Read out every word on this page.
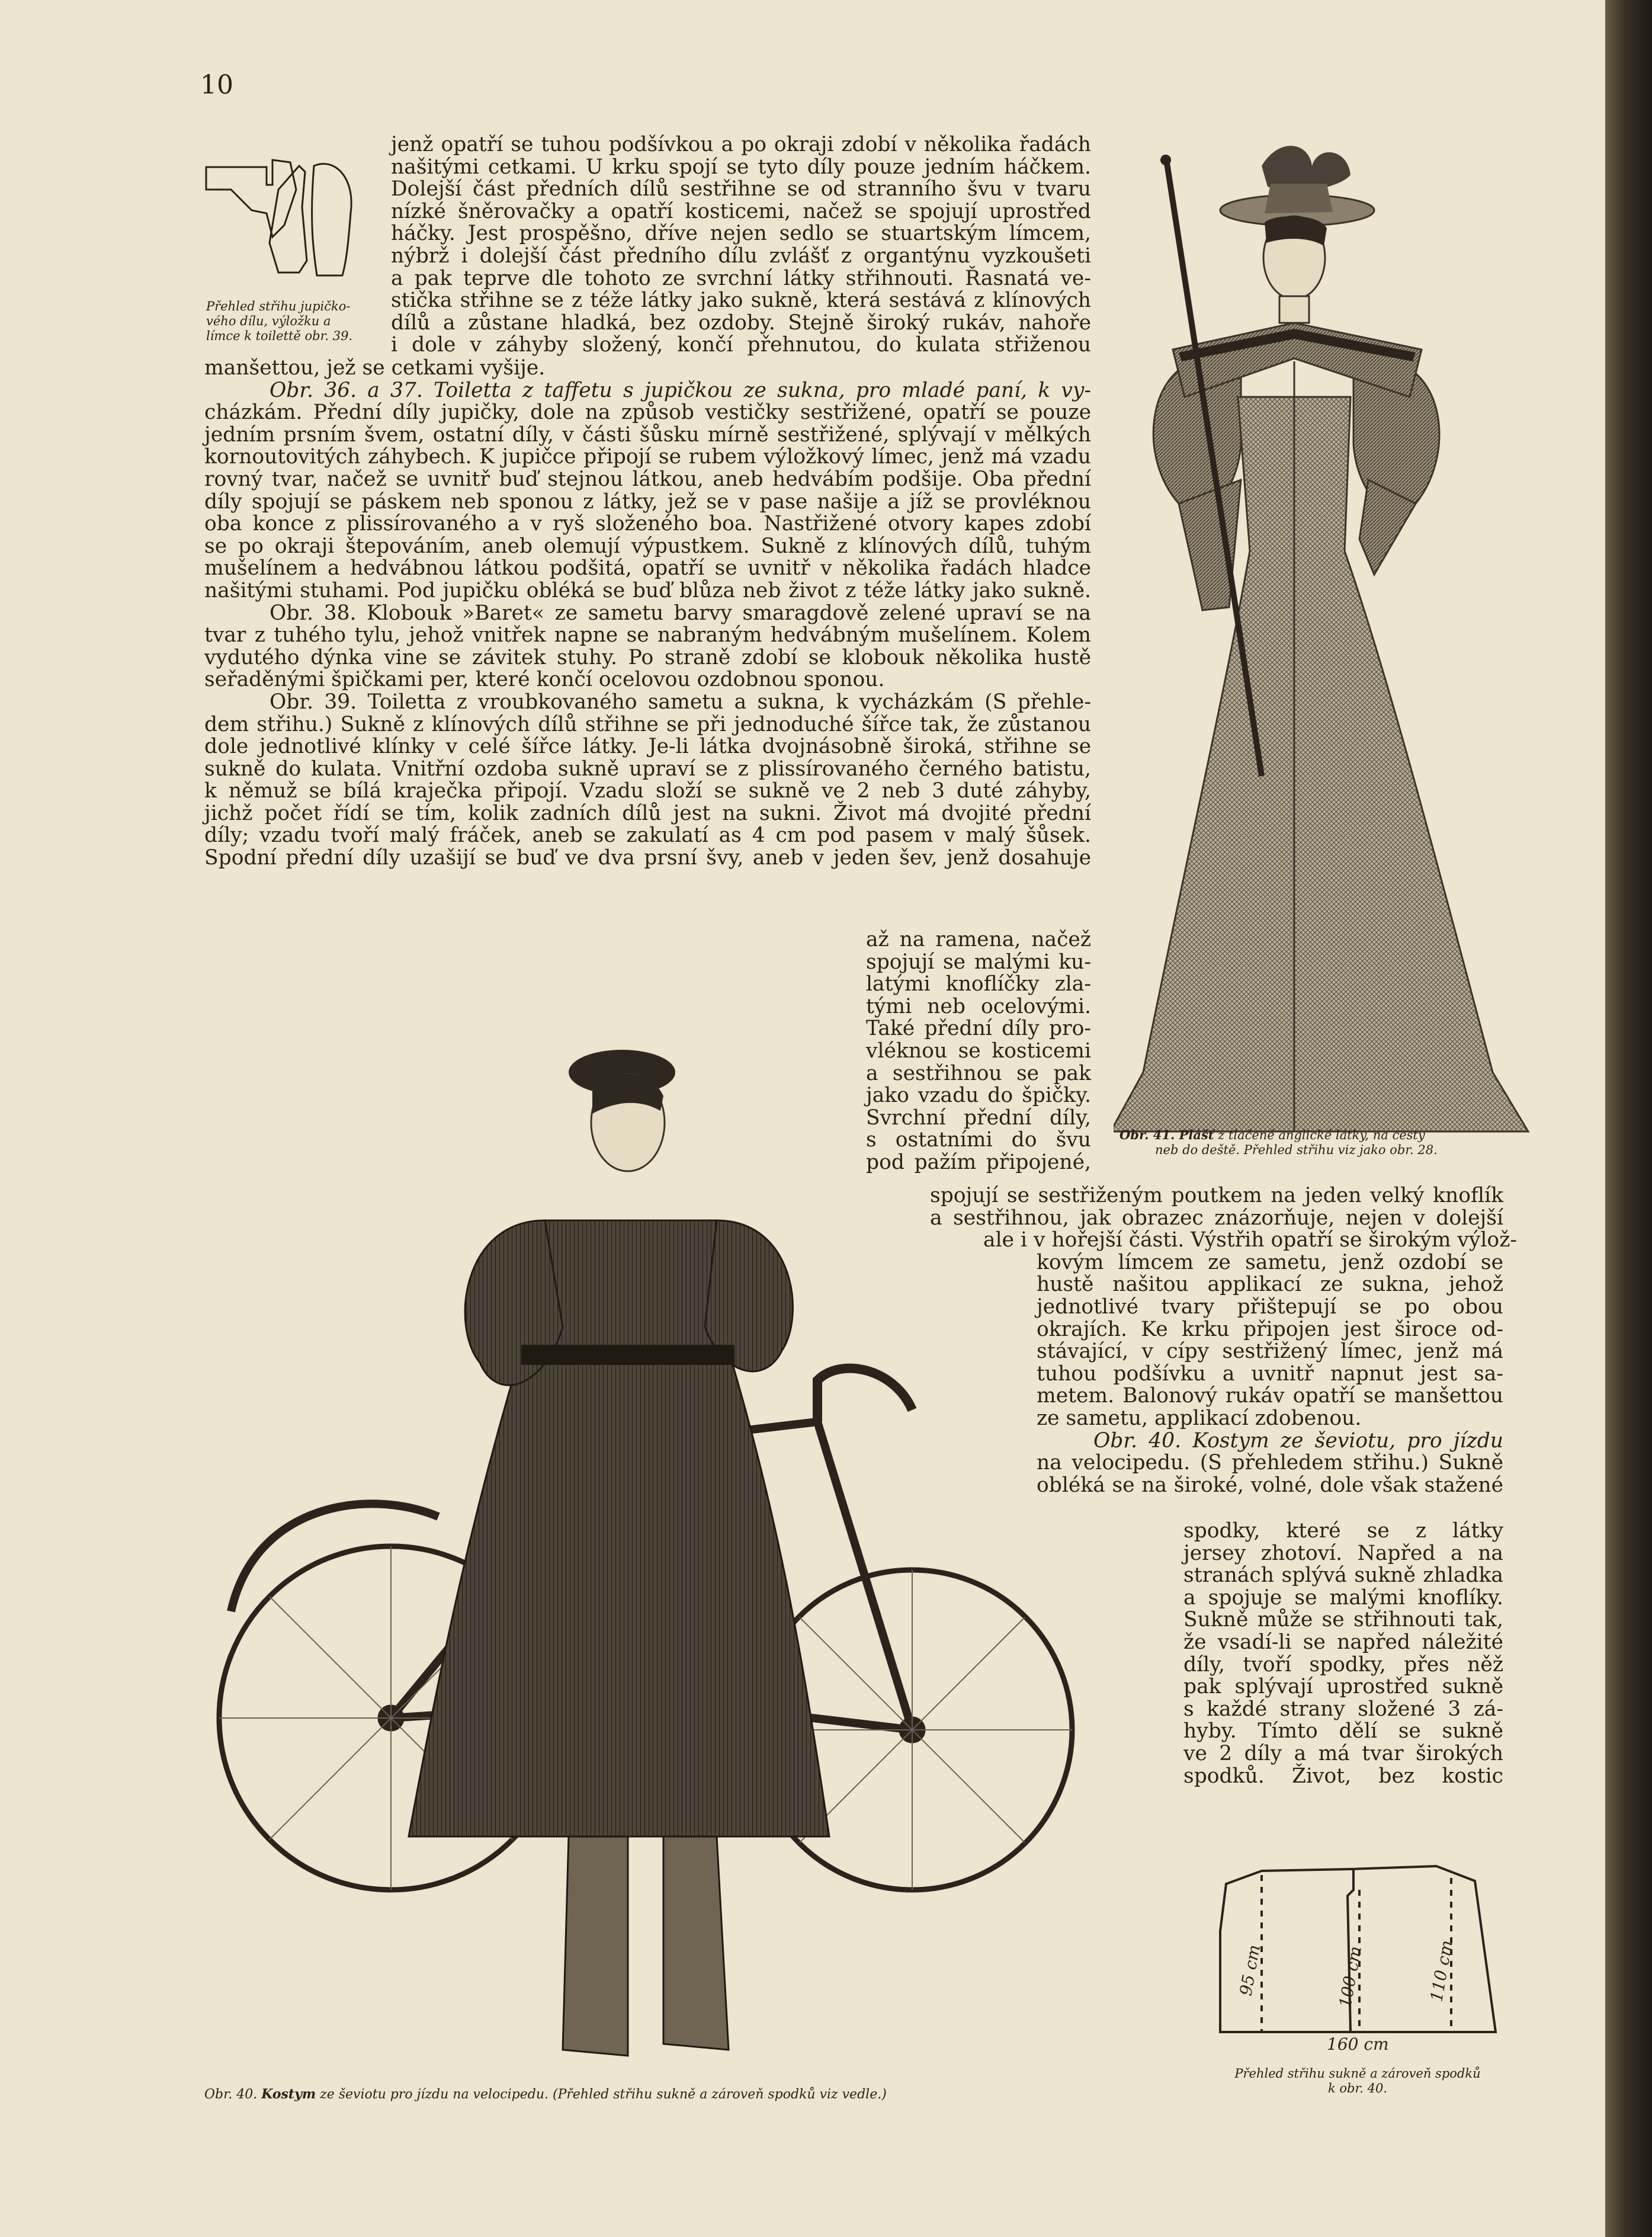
10

Přehled střihu jupičko-
vého dílu, výložku a
límce k toilettě obr. 39.

jenž opatří se tuhou podšívkou a po okraji zdobí v několika řadách
našitými cetkami. U krku spojí se tyto díly pouze jedním háčkem.
Dolejší část předních dílů sestřihne se od stranního švu v tvaru
nízké šněrovačky a opatří kosticemi, načež se spojují uprostřed
háčky. Jest prospěšno, dříve nejen sedlo se stuartským límcem,
nýbrž i dolejší část předního dílu zvlášť z organtýnu vyzkoušeti
a pak teprve dle tohoto ze svrchní látky střihnouti. Řasnatá ve-
stička střihne se z téže látky jako sukně, která sestává z klínových
dílů a zůstane hladká, bez ozdoby. Stejně široký rukáv, nahoře
i dole v záhyby složený, končí přehnutou, do kulata střiženou

manšettou, jež se cetkami vyšije.
Obr. 36. a 37. Toiletta z taffetu s jupičkou ze sukna, pro mladé paní, k vy-
cházkám. Přední díly jupičky, dole na způsob vestičky sestřižené, opatří se pouze
jedním prsním švem, ostatní díly, v části šůsku mírně sestřižené, splývají v mělkých
kornoutovitých záhybech. K jupičce připojí se rubem výložkový límec, jenž má vzadu
rovný tvar, načež se uvnitř buď stejnou látkou, aneb hedvábím podšije. Oba přední
díly spojují se páskem neb sponou z látky, jež se v pase našije a jíž se provléknou
oba konce z plissírovaného a v ryš složeného boa. Nastřižené otvory kapes zdobí
se po okraji štepováním, aneb olemují výpustkem. Sukně z klínových dílů, tuhým
mušelínem a hedvábnou látkou podšitá, opatří se uvnitř v několika řadách hladce
našitými stuhami. Pod jupičku obléká se buď blůza neb život z téže látky jako sukně.
Obr. 38. Klobouk »Baret« ze sametu barvy smaragdově zelené upraví se na
tvar z tuhého tylu, jehož vnitřek napne se nabraným hedvábným mušelínem. Kolem
vydutého dýnka vine se závitek stuhy. Po straně zdobí se klobouk několika hustě
seřaděnými špičkami per, které končí ocelovou ozdobnou sponou.
Obr. 39. Toiletta z vroubkovaného sametu a sukna, k vycházkám (S přehle-
dem střihu.) Sukně z klínových dílů střihne se při jednoduché šířce tak, že zůstanou
dole jednotlivé klínky v celé šířce látky. Je-li látka dvojnásobně široká, střihne se
sukně do kulata. Vnitřní ozdoba sukně upraví se z plissírovaného černého batistu,
k němuž se bílá kraječka připojí. Vzadu složí se sukně ve 2 neb 3 duté záhyby,
jichž počet řídí se tím, kolik zadních dílů jest na sukni. Život má dvojité přední
díly; vzadu tvoří malý fráček, aneb se zakulatí as 4 cm pod pasem v malý šůsek.
Spodní přední díly uzašijí se buď ve dva prsní švy, aneb v jeden šev, jenž dosahuje

až na ramena, načež
spojují se malými ku-
latými knoflíčky zla-
tými neb ocelovými.
Také přední díly pro-
vléknou se kosticemi
a sestřihnou se pak
jako vzadu do špičky.
Svrchní přední díly,
s ostatními do švu
pod pažím připojené,

spojují se sestřiženým poutkem na jeden velký knoflík
a sestřihnou, jak obrazec znázorňuje, nejen v dolejší
ale i v hořejší části. Výstřih opatří se širokým výlož-
kovým límcem ze sametu, jenž ozdobí se
hustě našitou applikací ze sukna, jehož
jednotlivé tvary přištepují se po obou
okrajích. Ke krku připojen jest široce od-
stávající, v cípy sestřižený límec, jenž má
tuhou podšívku a uvnitř napnut jest sa-
metem. Balonový rukáv opatří se manšettou
ze sametu, applikací zdobenou.
Obr. 40. Kostym ze ševiotu, pro jízdu
na velocipedu. (S přehledem střihu.) Sukně
obléká se na široké, volné, dole však stažené

spodky, které se z látky
jersey zhotoví. Napřed a na
stranách splývá sukně zhladka
a spojuje se malými knoflíky.
Sukně může se střihnouti tak,
že vsadí-li se napřed náležité
díly, tvoří spodky, přes něž
pak splývají uprostřed sukně
s každé strany složené 3 zá-
hyby. Tímto dělí se sukně
ve 2 díly a má tvar širokých
spodků. Život, bez kostic

Obr. 41. Plášť z tlačené anglické látky, na cesty
neb do deště. Přehled střihu viz jako obr. 28.

Obr. 40. Kostym ze ševiotu pro jízdu na velocipedu. (Přehled střihu sukně a zároveň spodků viz vedle.)

95 cm	100 cm	110 cm
160 cm

Přehled střihu sukně a zároveň spodků
k obr. 40.
